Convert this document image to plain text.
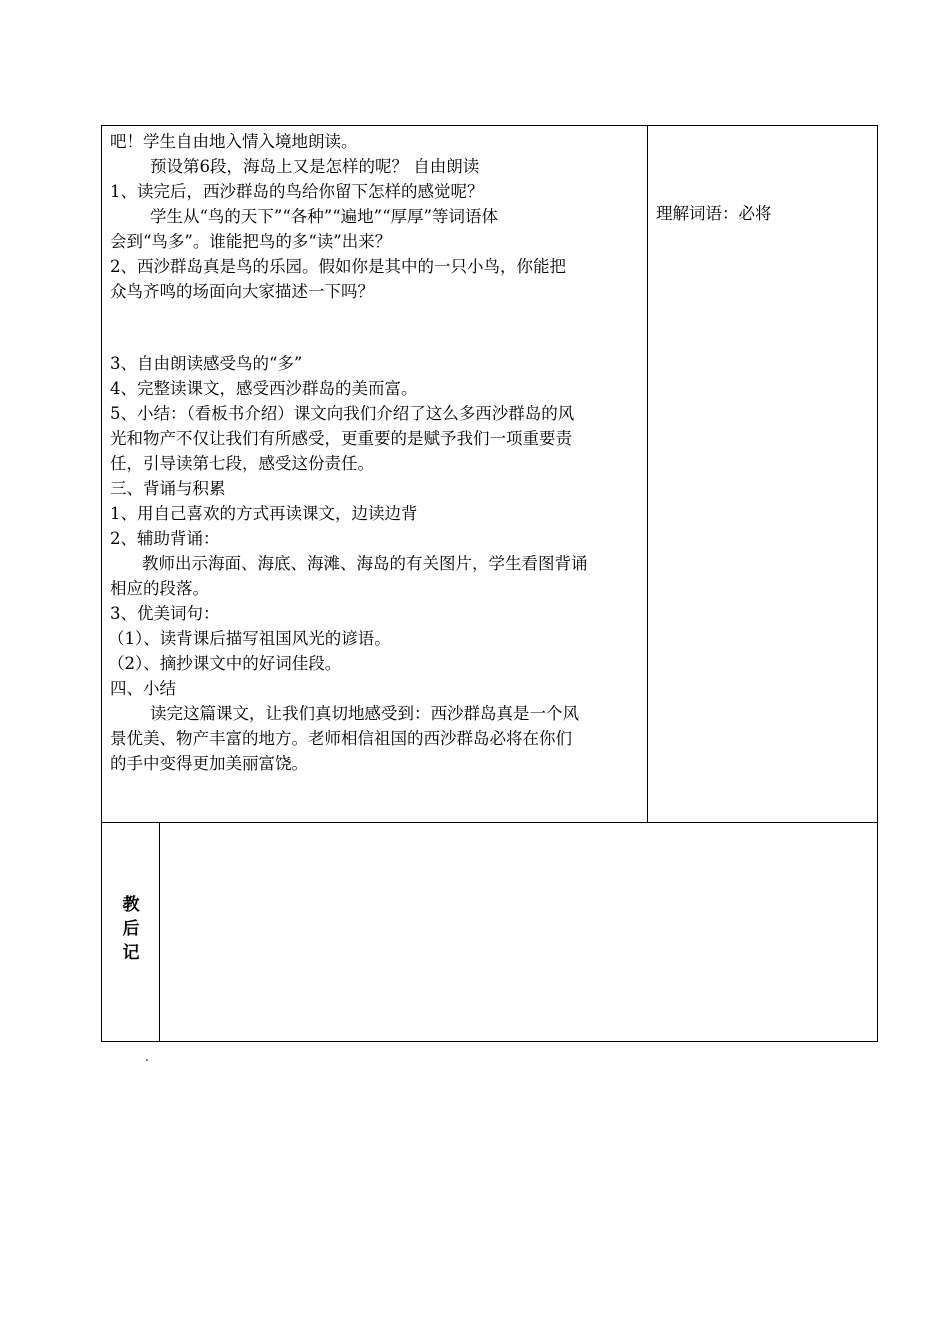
吧！学生自由地入情入境地朗读。
预设第6段，海岛上又是怎样的呢？ 自由朗读
1、读完后，西沙群岛的鸟给你留下怎样的感觉呢？
学生从“鸟的天下”“各种”“遍地”“厚厚”等词语体
会到“鸟多”。谁能把鸟的多“读”出来？
2、西沙群岛真是鸟的乐园。假如你是其中的一只小鸟，你能把
众鸟齐鸣的场面向大家描述一下吗？
3、自由朗读感受鸟的“多”
4、完整读课文，感受西沙群岛的美而富。
5、小结：（看板书介绍）课文向我们介绍了这么多西沙群岛的风
光和物产不仅让我们有所感受，更重要的是赋予我们一项重要责
任，引导读第七段，感受这份责任。
三、背诵与积累
1、用自己喜欢的方式再读课文，边读边背
2、辅助背诵：
教师出示海面、海底、海滩、海岛的有关图片，学生看图背诵
相应的段落。
3、优美词句：
（1）、读背课后描写祖国风光的谚语。
（2）、摘抄课文中的好词佳段。
四、小结
读完这篇课文，让我们真切地感受到：西沙群岛真是一个风
景优美、物产丰富的地方。老师相信祖国的西沙群岛必将在你们
的手中变得更加美丽富饶。
理解词语：必将
教
后
记
.
